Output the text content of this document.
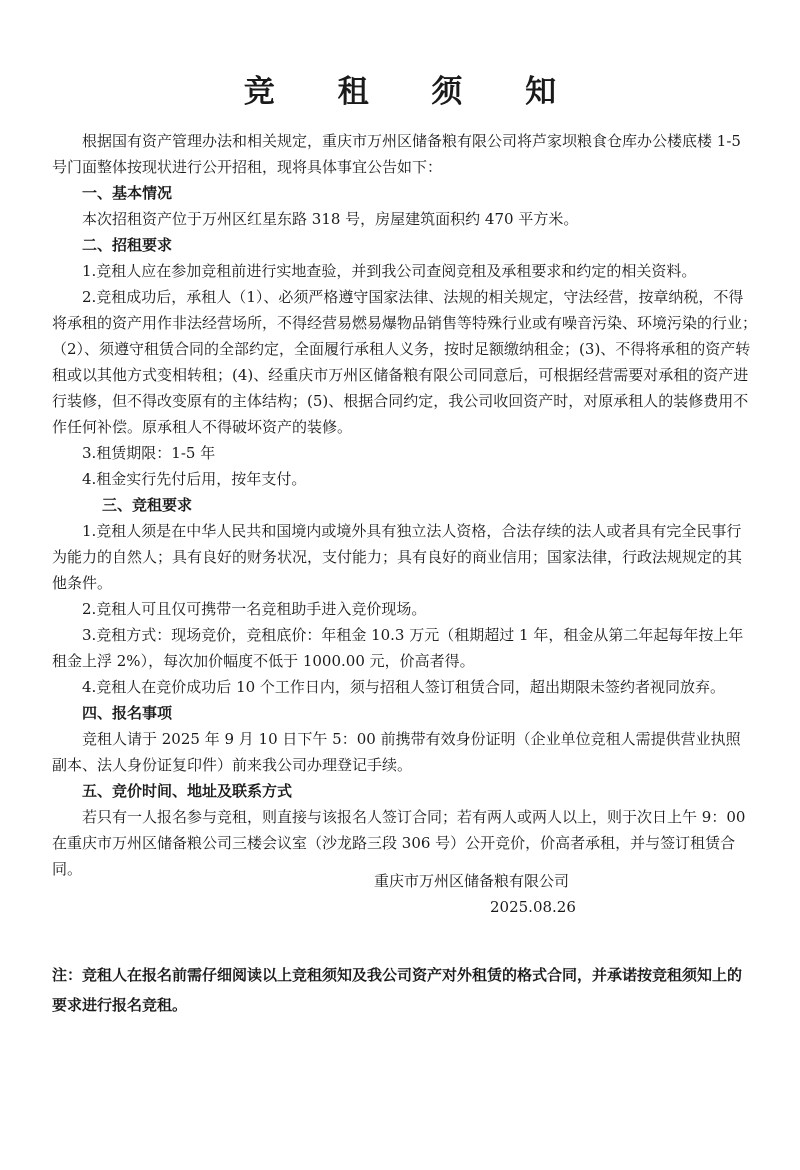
竞 租 须 知

根据国有资产管理办法和相关规定，重庆市万州区储备粮有限公司将芦家坝粮食仓库办公楼底楼 1-5 号门面整体按现状进行公开招租，现将具体事宜公告如下：

一、基本情况

本次招租资产位于万州区红星东路 318 号，房屋建筑面积约 470 平方米。

二、招租要求

1.竞租人应在参加竞租前进行实地查验，并到我公司查阅竞租及承租要求和约定的相关资料。

2.竞租成功后，承租人（1）、必须严格遵守国家法律、法规的相关规定，守法经营，按章纳税，不得将承租的资产用作非法经营场所，不得经营易燃易爆物品销售等特殊行业或有噪音污染、环境污染的行业；　（2）、须遵守租赁合同的全部约定，全面履行承租人义务，按时足额缴纳租金；(3)、不得将承租的资产转租或以其他方式变相转租；(4)、经重庆市万州区储备粮有限公司同意后，可根据经营需要对承租的资产进行装修，但不得改变原有的主体结构；(5)、根据合同约定，我公司收回资产时，对原承租人的装修费用不作任何补偿。原承租人不得破坏资产的装修。

3.租赁期限：1-5 年

4.租金实行先付后用，按年支付。

三、竞租要求

1.竞租人须是在中华人民共和国境内或境外具有独立法人资格，合法存续的法人或者具有完全民事行为能力的自然人；具有良好的财务状况，支付能力；具有良好的商业信用；国家法律，行政法规规定的其他条件。

2.竞租人可且仅可携带一名竞租助手进入竞价现场。

3.竞租方式：现场竞价，竞租底价：年租金 10.3 万元（租期超过 1 年，租金从第二年起每年按上年租金上浮 2%），每次加价幅度不低于 1000.00 元，价高者得。

4.竞租人在竞价成功后 10 个工作日内，须与招租人签订租赁合同，超出期限未签约者视同放弃。

四、报名事项

竞租人请于 2025 年 9 月 10 日下午 5：00 前携带有效身份证明（企业单位竞租人需提供营业执照副本、法人身份证复印件）前来我公司办理登记手续。

五、竞价时间、地址及联系方式

若只有一人报名参与竞租，则直接与该报名人签订合同；若有两人或两人以上，则于次日上午 9：00 在重庆市万州区储备粮公司三楼会议室（沙龙路三段 306 号）公开竞价，价高者承租，并与签订租赁合同。

重庆市万州区储备粮有限公司
2025.08.26
注：竞租人在报名前需仔细阅读以上竞租须知及我公司资产对外租赁的格式合同，并承诺按竞租须知上的要求进行报名竞租。
